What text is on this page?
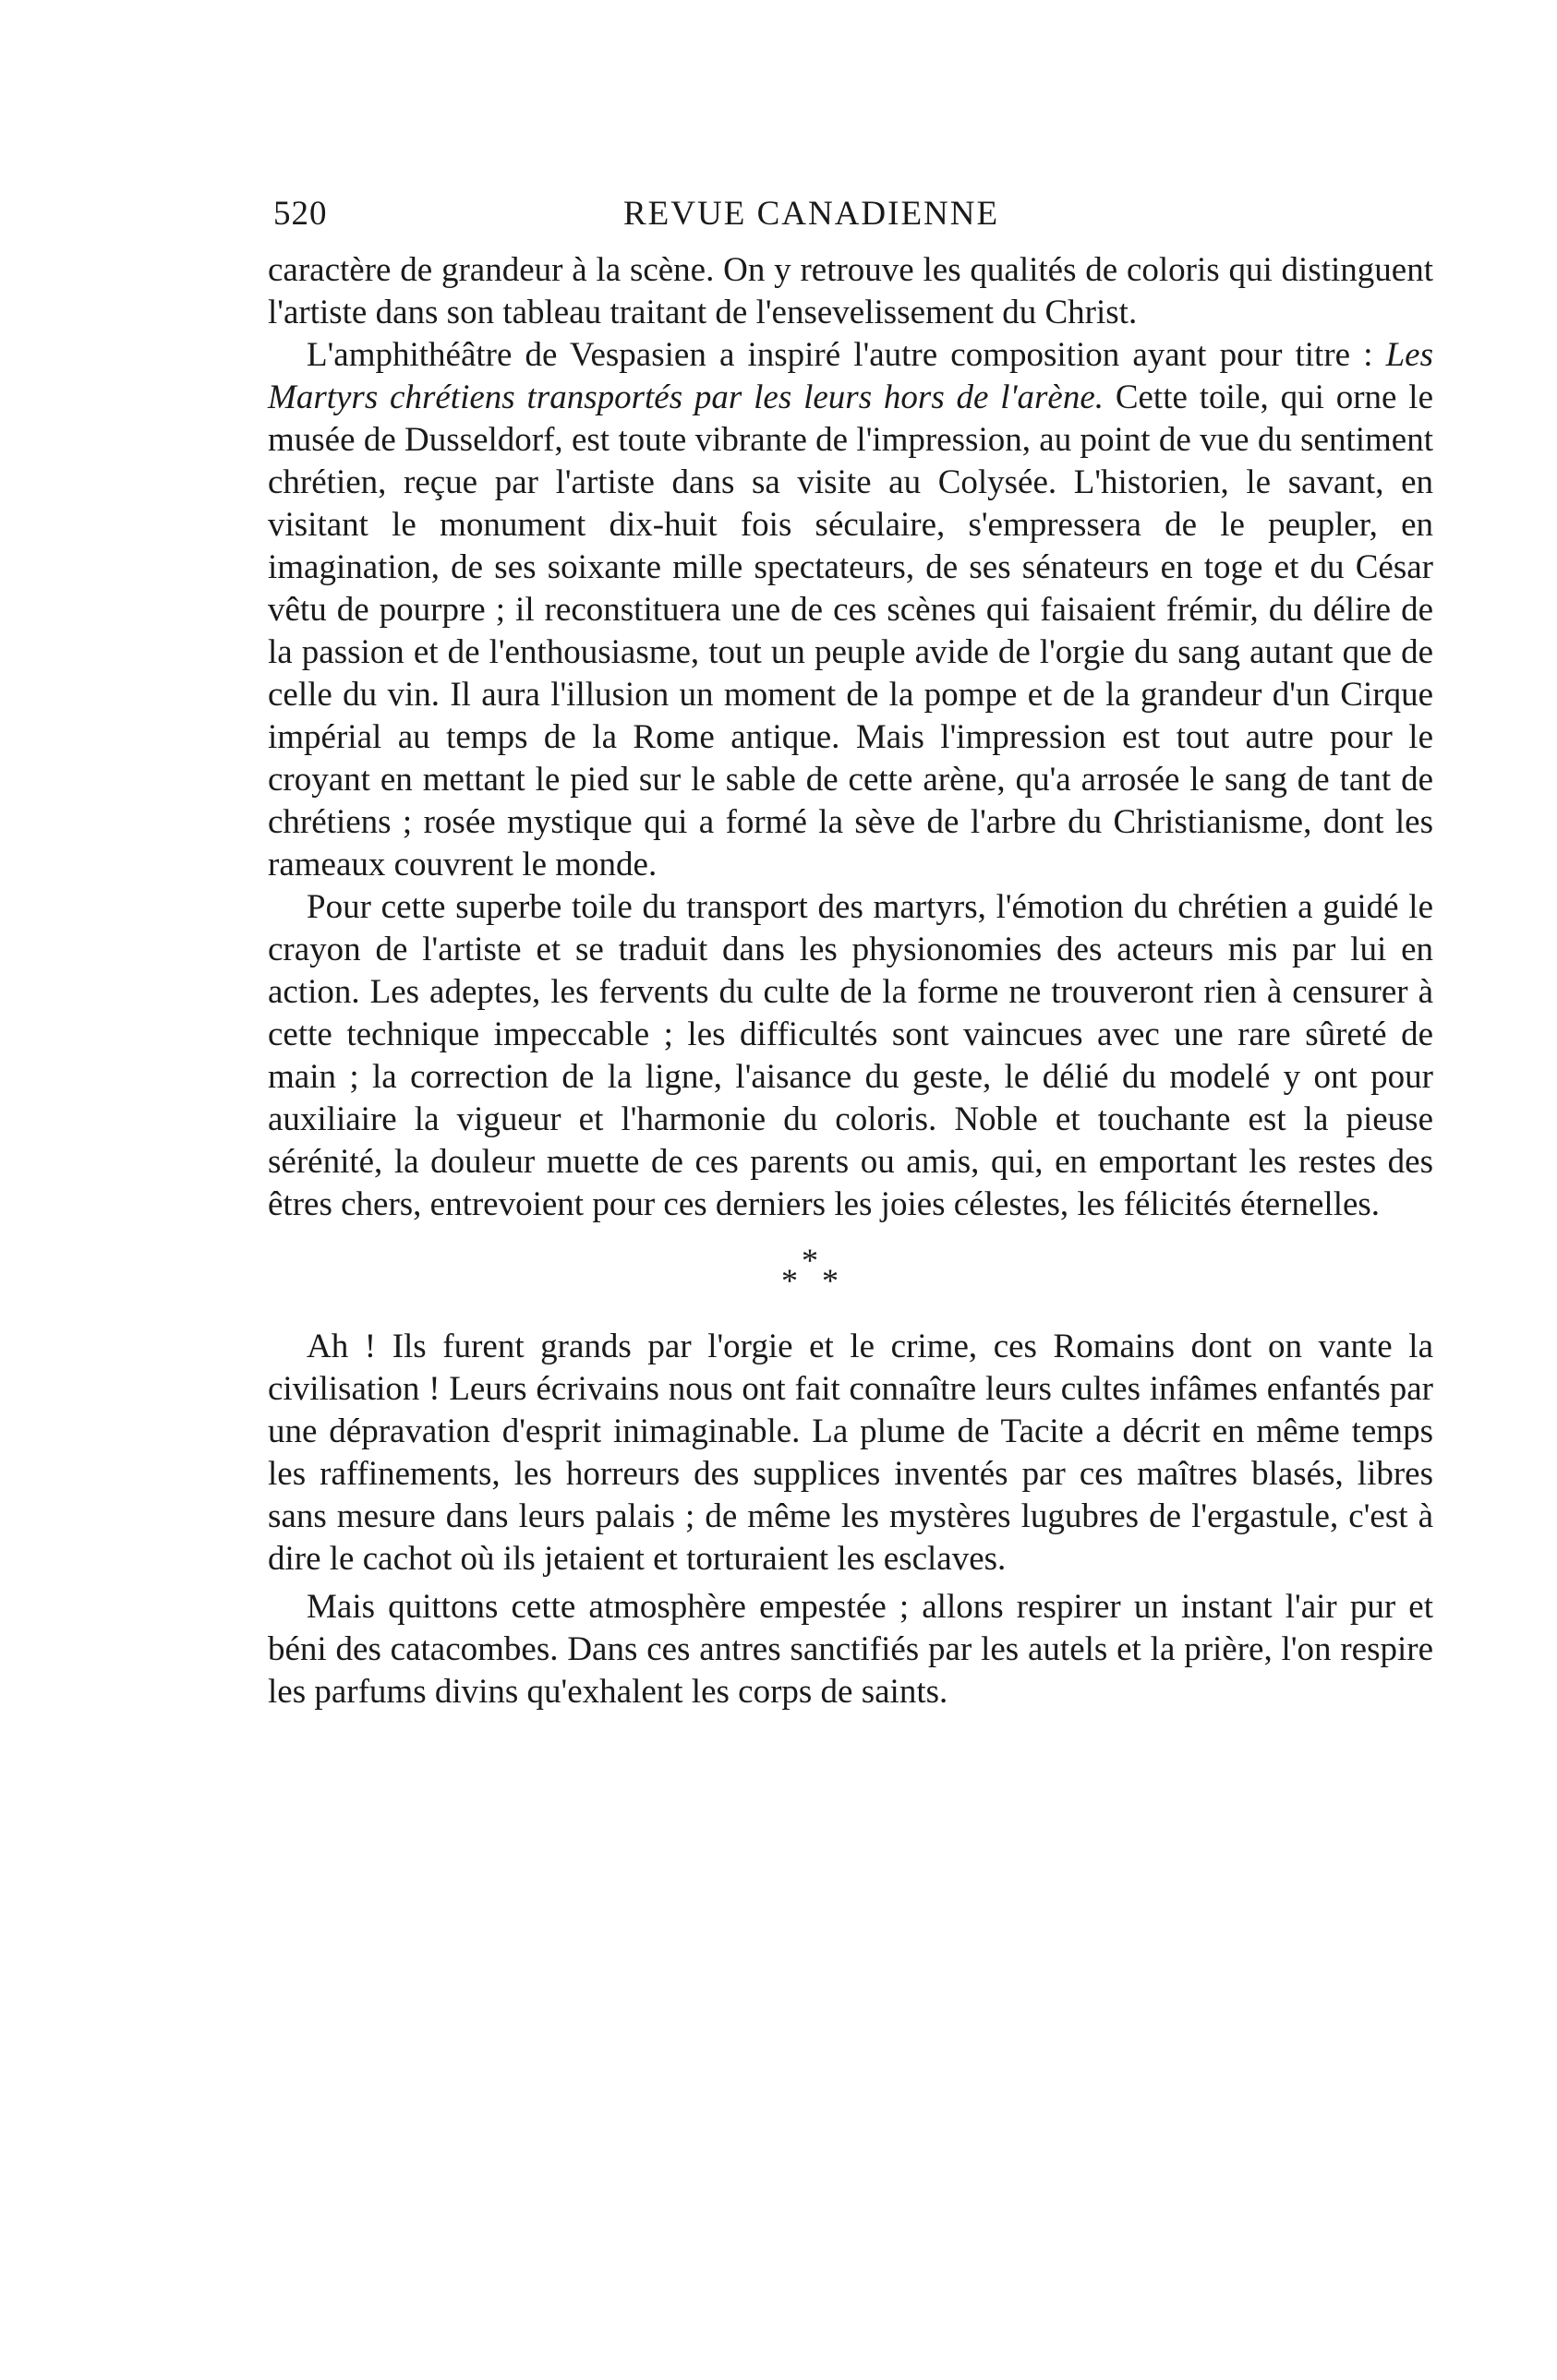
520	REVUE CANADIENNE

caractère de grandeur à la scène. On y retrouve les qualités de coloris qui distinguent l'artiste dans son tableau traitant de l'ensevelissement du Christ.

L'amphithéâtre de Vespasien a inspiré l'autre composition ayant pour titre : Les Martyrs chrétiens transportés par les leurs hors de l'arène. Cette toile, qui orne le musée de Dusseldorf, est toute vibrante de l'impression, au point de vue du sentiment chrétien, reçue par l'artiste dans sa visite au Colysée. L'historien, le savant, en visitant le monument dix-huit fois séculaire, s'empressera de le peupler, en imagination, de ses soixante mille spectateurs, de ses sénateurs en toge et du César vêtu de pourpre ; il reconstituera une de ces scènes qui faisaient frémir, du délire de la passion et de l'enthousiasme, tout un peuple avide de l'orgie du sang autant que de celle du vin. Il aura l'illusion un moment de la pompe et de la grandeur d'un Cirque impérial au temps de la Rome antique. Mais l'impression est tout autre pour le croyant en mettant le pied sur le sable de cette arène, qu'a arrosée le sang de tant de chrétiens ; rosée mystique qui a formé la sève de l'arbre du Christianisme, dont les rameaux couvrent le monde.

Pour cette superbe toile du transport des martyrs, l'émotion du chrétien a guidé le crayon de l'artiste et se traduit dans les physionomies des acteurs mis par lui en action. Les adeptes, les fervents du culte de la forme ne trouveront rien à censurer à cette technique impeccable ; les difficultés sont vaincues avec une rare sûreté de main ; la correction de la ligne, l'aisance du geste, le délié du modelé y ont pour auxiliaire la vigueur et l'harmonie du coloris. Noble et touchante est la pieuse sérénité, la douleur muette de ces parents ou amis, qui, en emportant les restes des êtres chers, entrevoient pour ces derniers les joies célestes, les félicités éternelles.

*
* *

Ah ! Ils furent grands par l'orgie et le crime, ces Romains dont on vante la civilisation ! Leurs écrivains nous ont fait connaître leurs cultes infâmes enfantés par une dépravation d'esprit inimaginable. La plume de Tacite a décrit en même temps les raffinements, les horreurs des supplices inventés par ces maîtres blasés, libres sans mesure dans leurs palais ; de même les mystères lugubres de l'ergastule, c'est à dire le cachot où ils jetaient et torturaient les esclaves.

Mais quittons cette atmosphère empestée ; allons respirer un instant l'air pur et béni des catacombes. Dans ces antres sanctifiés par les autels et la prière, l'on respire les parfums divins qu'exhalent les corps de saints.
